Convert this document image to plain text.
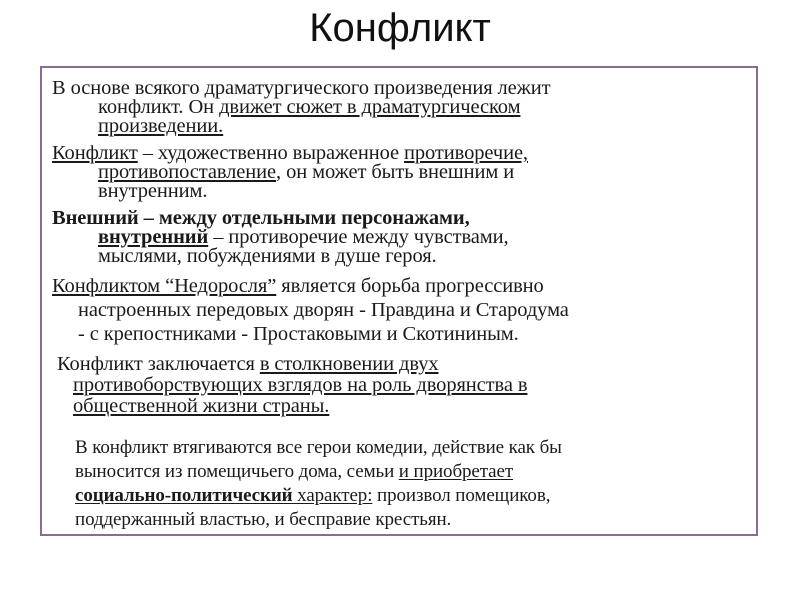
Конфликт
В основе всякого драматургического произведения лежит
конфликт. Он движет сюжет в драматургическом
произведении.
Конфликт – художественно выраженное противоречие,
противопоставление, он может быть внешним и
внутренним.
Внешний – между отдельными персонажами,
внутренний – противоречие между чувствами,
мыслями, побуждениями в душе героя.
Конфликтом “Недоросля” является борьба прогрессивно
настроенных передовых дворян - Правдина и Стародума
- с крепостниками - Простаковыми и Скотининым.
Конфликт заключается в столкновении двух
противоборствующих взглядов на роль дворянства в
общественной жизни страны.
В конфликт втягиваются все герои комедии, действие как бы
выносится из помещичьего дома, семьи и приобретает
социально-политический характер: произвол помещиков,
поддержанный властью, и бесправие крестьян.
